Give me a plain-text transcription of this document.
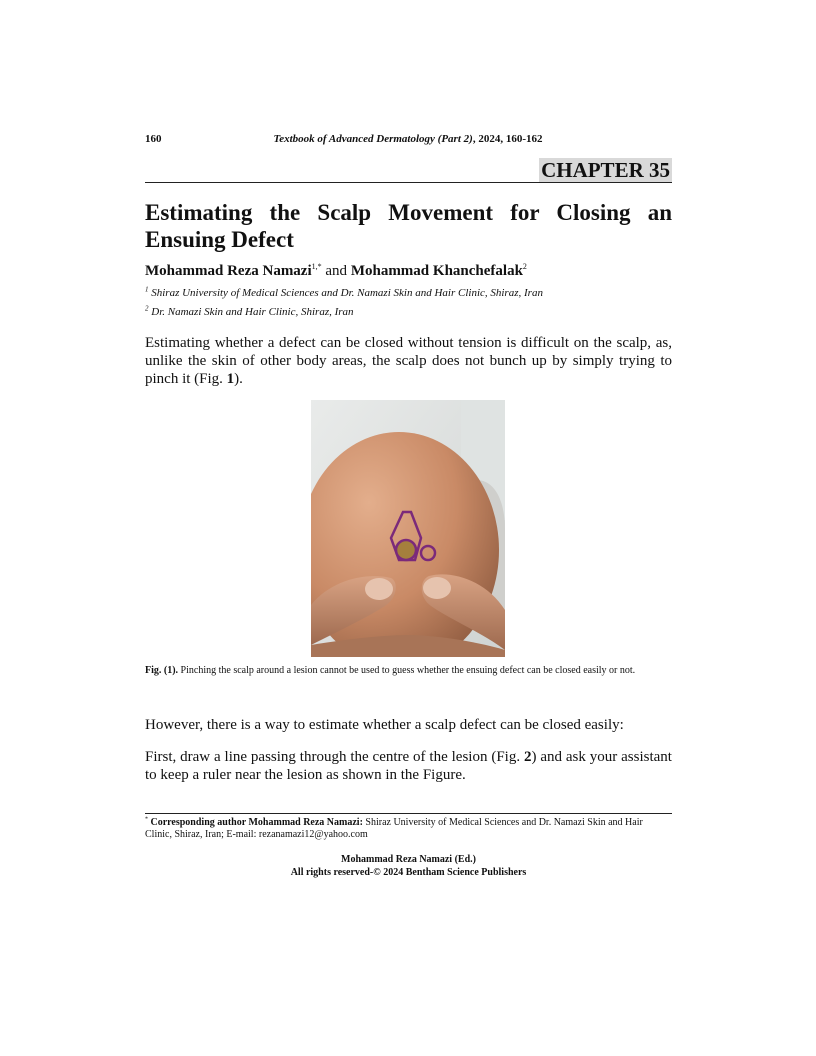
160	Textbook of Advanced Dermatology (Part 2), 2024, 160-162
CHAPTER 35
Estimating the Scalp Movement for Closing an Ensuing Defect
Mohammad Reza Namazi$^{1,*}$ and Mohammad Khanchefalak$^2$
$^1$ Shiraz University of Medical Sciences and Dr. Namazi Skin and Hair Clinic, Shiraz, Iran
$^2$ Dr. Namazi Skin and Hair Clinic, Shiraz, Iran
Estimating whether a defect can be closed without tension is difficult on the scalp, as, unlike the skin of other body areas, the scalp does not bunch up by simply trying to pinch it (Fig. 1).
Fig. (1). Pinching the scalp around a lesion cannot be used to guess whether the ensuing defect can be closed easily or not.
However, there is a way to estimate whether a scalp defect can be closed easily:
First, draw a line passing through the centre of the lesion (Fig. 2) and ask your assistant to keep a ruler near the lesion as shown in the Figure.
* Corresponding author Mohammad Reza Namazi: Shiraz University of Medical Sciences and Dr. Namazi Skin and Hair Clinic, Shiraz, Iran; E-mail: rezanamazi12@yahoo.com
Mohammad Reza Namazi (Ed.)
All rights reserved-© 2024 Bentham Science Publishers
